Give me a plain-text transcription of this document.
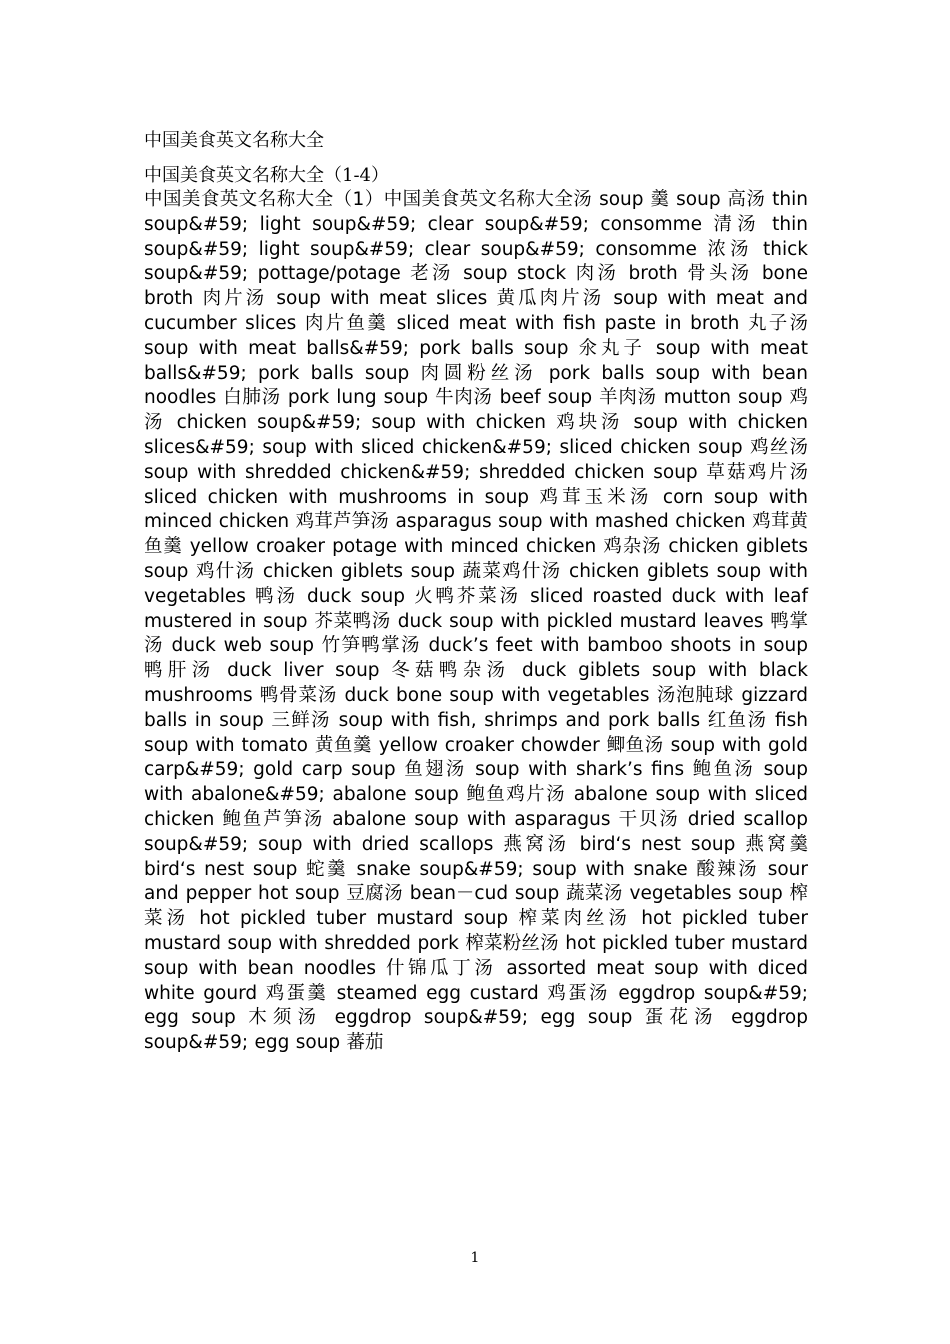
中国美食英文名称大全

中国美食英文名称大全（1-4）

中国美食英文名称大全（1）中国美食英文名称大全汤 soup 羹 soup 高汤 thin soup&#59; light soup&#59; clear soup&#59; consomme 清汤 thin soup&#59; light soup&#59; clear soup&#59; consomme 浓汤 thick soup&#59; pottage/potage 老汤 soup stock 肉汤 broth 骨头汤 bone broth 肉片汤 soup with meat slices 黄瓜肉片汤 soup with meat and cucumber slices 肉片鱼羹 sliced meat with fish paste in broth 丸子汤 soup with meat balls&#59; pork balls soup 氽丸子 soup with meat balls&#59; pork balls soup 肉圆粉丝汤 pork balls soup with bean noodles 白肺汤 pork lung soup 牛肉汤 beef soup 羊肉汤 mutton soup 鸡汤 chicken soup&#59; soup with chicken 鸡块汤 soup with chicken slices&#59; soup with sliced chicken&#59; sliced chicken soup 鸡丝汤 soup with shredded chicken&#59; shredded chicken soup 草菇鸡片汤 sliced chicken with mushrooms in soup 鸡茸玉米汤 corn soup with minced chicken 鸡茸芦笋汤 asparagus soup with mashed chicken 鸡茸黄鱼羹 yellow croaker potage with minced chicken 鸡杂汤 chicken giblets soup 鸡什汤 chicken giblets soup 蔬菜鸡什汤 chicken giblets soup with vegetables 鸭汤 duck soup 火鸭芥菜汤 sliced roasted duck with leaf mustered in soup 芥菜鸭汤 duck soup with pickled mustard leaves 鸭掌汤 duck web soup 竹笋鸭掌汤 duck’s feet with bamboo shoots in soup 鸭肝汤 duck liver soup 冬菇鸭杂汤 duck giblets soup with black mushrooms 鸭骨菜汤 duck bone soup with vegetables 汤泡肫球 gizzard balls in soup 三鲜汤 soup with fish, shrimps and pork balls 红鱼汤 fish soup with tomato 黄鱼羹 yellow croaker chowder 鲫鱼汤 soup with gold carp&#59; gold carp soup 鱼翅汤 soup with shark’s fins 鲍鱼汤 soup with abalone&#59; abalone soup 鲍鱼鸡片汤 abalone soup with sliced chicken 鲍鱼芦笋汤 abalone soup with asparagus 干贝汤 dried scallop soup&#59; soup with dried scallops 燕窝汤 bird‘s nest soup 燕窝羹 bird‘s nest soup 蛇羹 snake soup&#59; soup with snake 酸辣汤 sour and pepper hot soup 豆腐汤 bean－cud soup 蔬菜汤 vegetables soup 榨菜汤 hot pickled tuber mustard soup 榨菜肉丝汤 hot pickled tuber mustard soup with shredded pork 榨菜粉丝汤 hot pickled tuber mustard soup with bean noodles 什锦瓜丁汤 assorted meat soup with diced white gourd 鸡蛋羹 steamed egg custard 鸡蛋汤 eggdrop soup&#59; egg soup 木须汤 eggdrop soup&#59; egg soup 蛋花汤 eggdrop soup&#59; egg soup 蕃茄

1
